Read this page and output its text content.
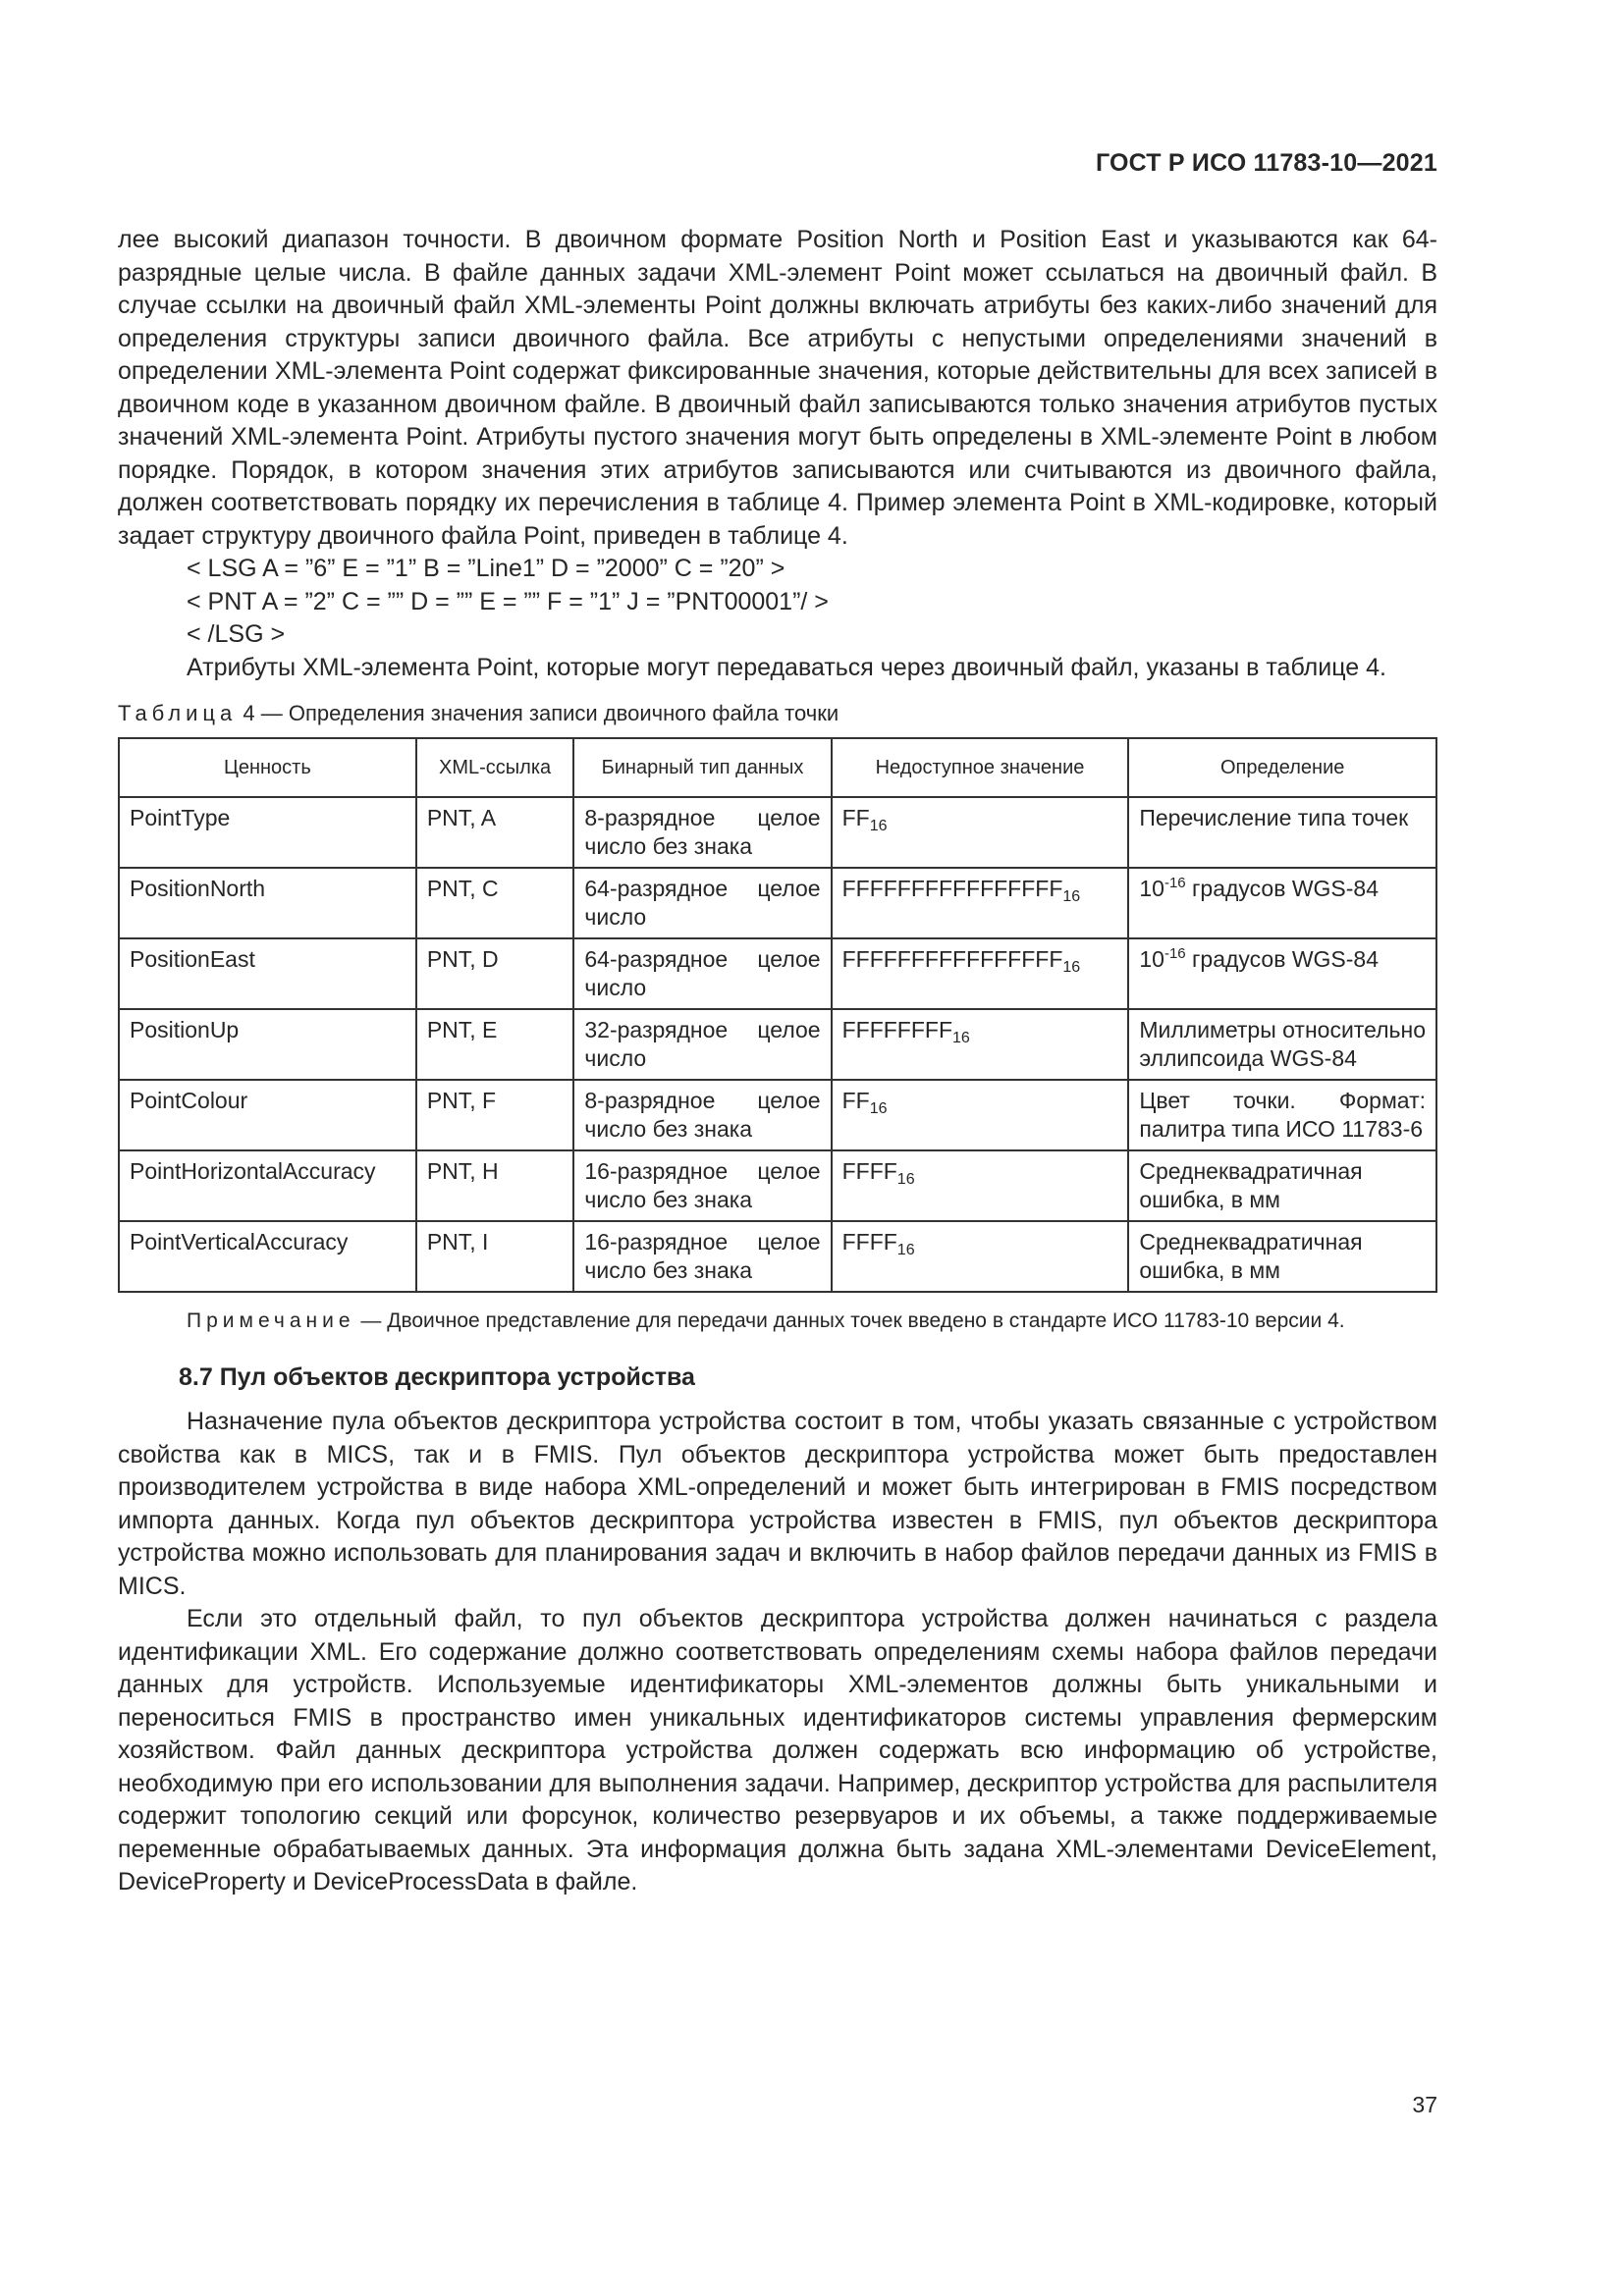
ГОСТ Р ИСО 11783-10—2021

лее высокий диапазон точности. В двоичном формате Position North и Position East и указываются как 64-разрядные целые числа. В файле данных задачи XML-элемент Point может ссылаться на двоичный файл. В случае ссылки на двоичный файл XML-элементы Point должны включать атрибуты без каких-либо значений для определения структуры записи двоичного файла. Все атрибуты с непустыми определениями значений в определении XML-элемента Point содержат фиксированные значения, которые действительны для всех записей в двоичном коде в указанном двоичном файле. В двоичный файл записываются только значения атрибутов пустых значений XML-элемента Point. Атрибуты пустого значения могут быть определены в XML-элементе Point в любом порядке. Порядок, в котором значения этих атрибутов записываются или считываются из двоичного файла, должен соответствовать порядку их перечисления в таблице 4. Пример элемента Point в XML-кодировке, который задает структуру двоичного файла Point, приведен в таблице 4.

< LSG A = ”6” E = ”1” B = ”Line1” D = ”2000” C = ”20” >

< PNT A = ”2” C = ”” D = ”” E = ”” F = ”1” J = ”PNT00001”/ >

< /LSG >

Атрибуты XML-элемента Point, которые могут передаваться через двоичный файл, указаны в таблице 4.

Таблица 4 — Определения значения записи двоичного файла точки
Ценность	XML-ссылка	Бинарный тип данных	Недоступное значение	Определение
PointType	PNT, A	8-разрядное целое число без знака	$FF_{16}$	Перечисление типа точек
PositionNorth	PNT, C	64-разрядное целое число	$FFFFFFFFFFFFFFFF_{16}$	$10^{-16}$ градусов WGS-84
PositionEast	PNT, D	64-разрядное целое число	$FFFFFFFFFFFFFFFF_{16}$	$10^{-16}$ градусов WGS-84
PositionUp	PNT, E	32-разрядное целое число	$FFFFFFFF_{16}$	Миллиметры относительно эллипсоида WGS-84
PointColour	PNT, F	8-разрядное целое число без знака	$FF_{16}$	Цвет точки. Формат: палитра типа ИСО 11783-6
PointHorizontalAccuracy	PNT, H	16-разрядное целое число без знака	$FFFF_{16}$	Среднеквадратичная ошибка, в мм
PointVerticalAccuracy	PNT, I	16-разрядное целое число без знака	$FFFF_{16}$	Среднеквадратичная ошибка, в мм

Примечание — Двоичное представление для передачи данных точек введено в стандарте ИСО 11783-10 версии 4.

8.7 Пул объектов дескриптора устройства

Назначение пула объектов дескриптора устройства состоит в том, чтобы указать связанные с устройством свойства как в MICS, так и в FMIS. Пул объектов дескриптора устройства может быть предоставлен производителем устройства в виде набора XML-определений и может быть интегрирован в FMIS посредством импорта данных. Когда пул объектов дескриптора устройства известен в FMIS, пул объектов дескриптора устройства можно использовать для планирования задач и включить в набор файлов передачи данных из FMIS в MICS.

Если это отдельный файл, то пул объектов дескриптора устройства должен начинаться с раздела идентификации XML. Его содержание должно соответствовать определениям схемы набора файлов передачи данных для устройств. Используемые идентификаторы XML-элементов должны быть уникальными и переноситься FMIS в пространство имен уникальных идентификаторов системы управления фермерским хозяйством. Файл данных дескриптора устройства должен содержать всю информацию об устройстве, необходимую при его использовании для выполнения задачи. Например, дескриптор устройства для распылителя содержит топологию секций или форсунок, количество резервуаров и их объемы, а также поддерживаемые переменные обрабатываемых данных. Эта информация должна быть задана XML-элементами DeviceElement, DeviceProperty и DeviceProcessData в файле.

37
